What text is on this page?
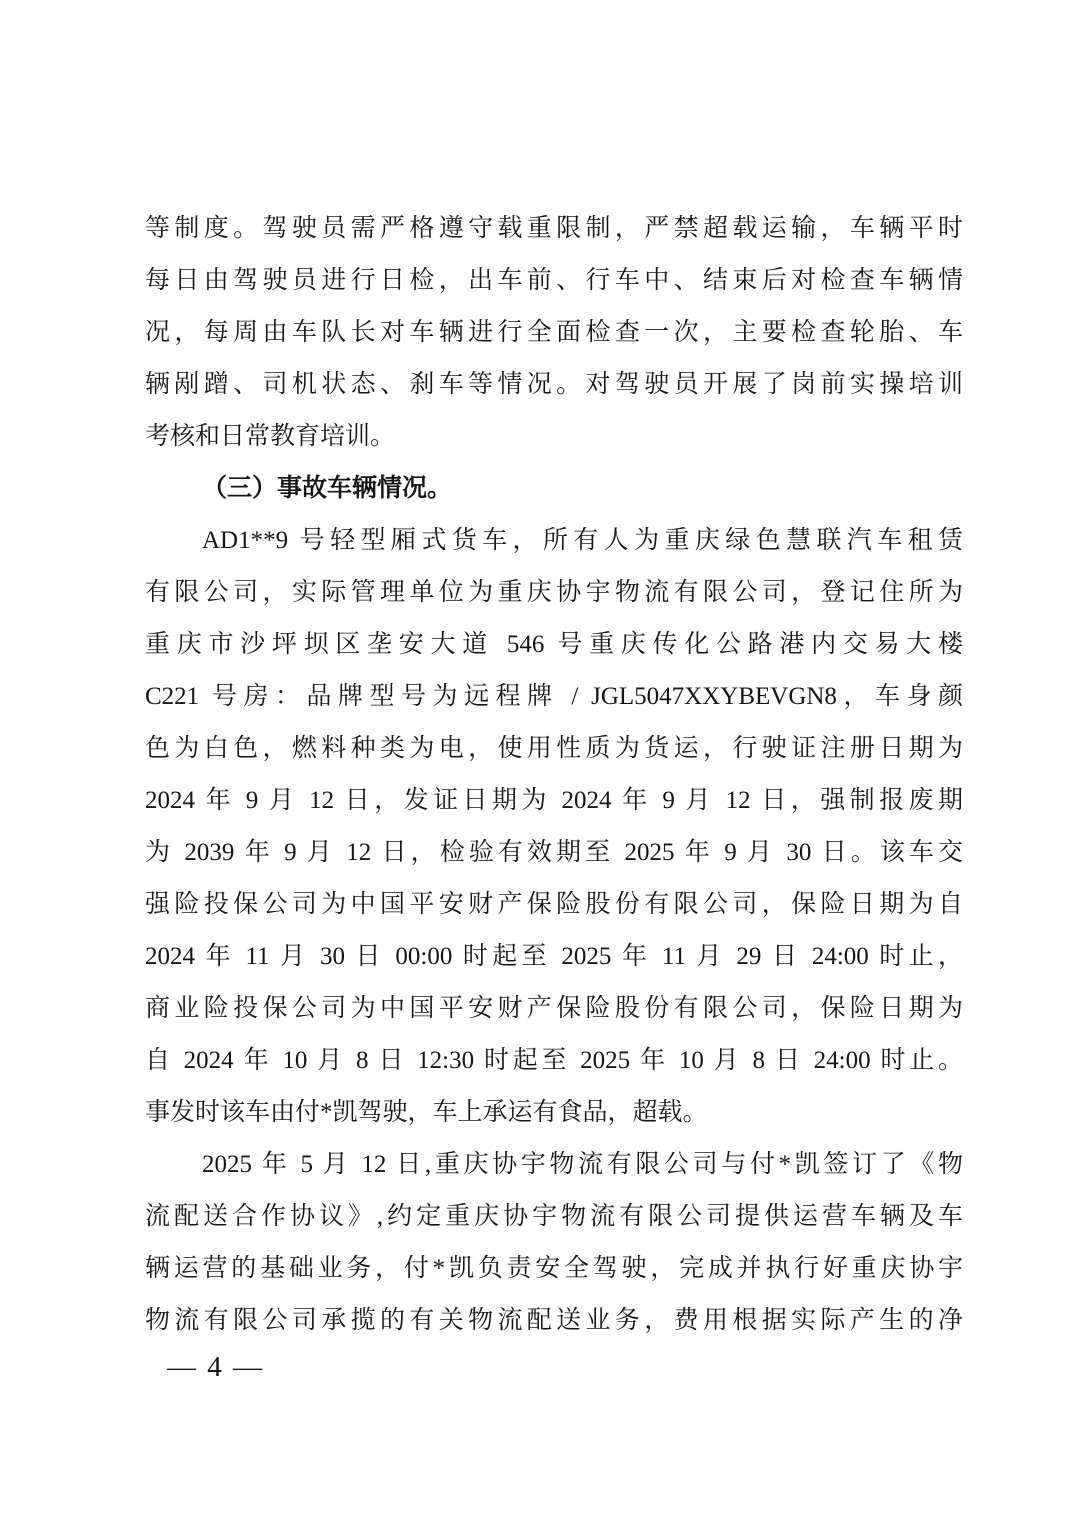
等制度。驾驶员需严格遵守载重限制，严禁超载运输，车辆平时
每日由驾驶员进行日检，出车前、行车中、结束后对检查车辆情
况，每周由车队长对车辆进行全面检查一次，主要检查轮胎、车
辆剐蹭、司机状态、刹车等情况。对驾驶员开展了岗前实操培训
考核和日常教育培训。
（三）事故车辆情况。
AD1**9 号轻型厢式货车，所有人为重庆绿色慧联汽车租赁
有限公司，实际管理单位为重庆协宇物流有限公司，登记住所为
重庆市沙坪坝区垄安大道 546 号重庆传化公路港内交易大楼
C221 号房：品牌型号为远程牌 / JGL5047XXYBEVGN8，车身颜
色为白色，燃料种类为电，使用性质为货运，行驶证注册日期为
2024 年 9 月 12 日，发证日期为 2024 年 9 月 12 日，强制报废期
为 2039 年 9 月 12 日，检验有效期至 2025 年 9 月 30 日。该车交
强险投保公司为中国平安财产保险股份有限公司，保险日期为自
2024 年 11 月 30 日 00:00 时起至 2025 年 11 月 29 日 24:00 时止，
商业险投保公司为中国平安财产保险股份有限公司，保险日期为
自 2024 年 10 月 8 日 12:30 时起至 2025 年 10 月 8 日 24:00 时止。
事发时该车由付*凯驾驶，车上承运有食品，超载。
2025 年 5 月 12 日,重庆协宇物流有限公司与付*凯签订了《物
流配送合作协议》,约定重庆协宇物流有限公司提供运营车辆及车
辆运营的基础业务，付*凯负责安全驾驶，完成并执行好重庆协宇
物流有限公司承揽的有关物流配送业务，费用根据实际产生的净
— 4 —
